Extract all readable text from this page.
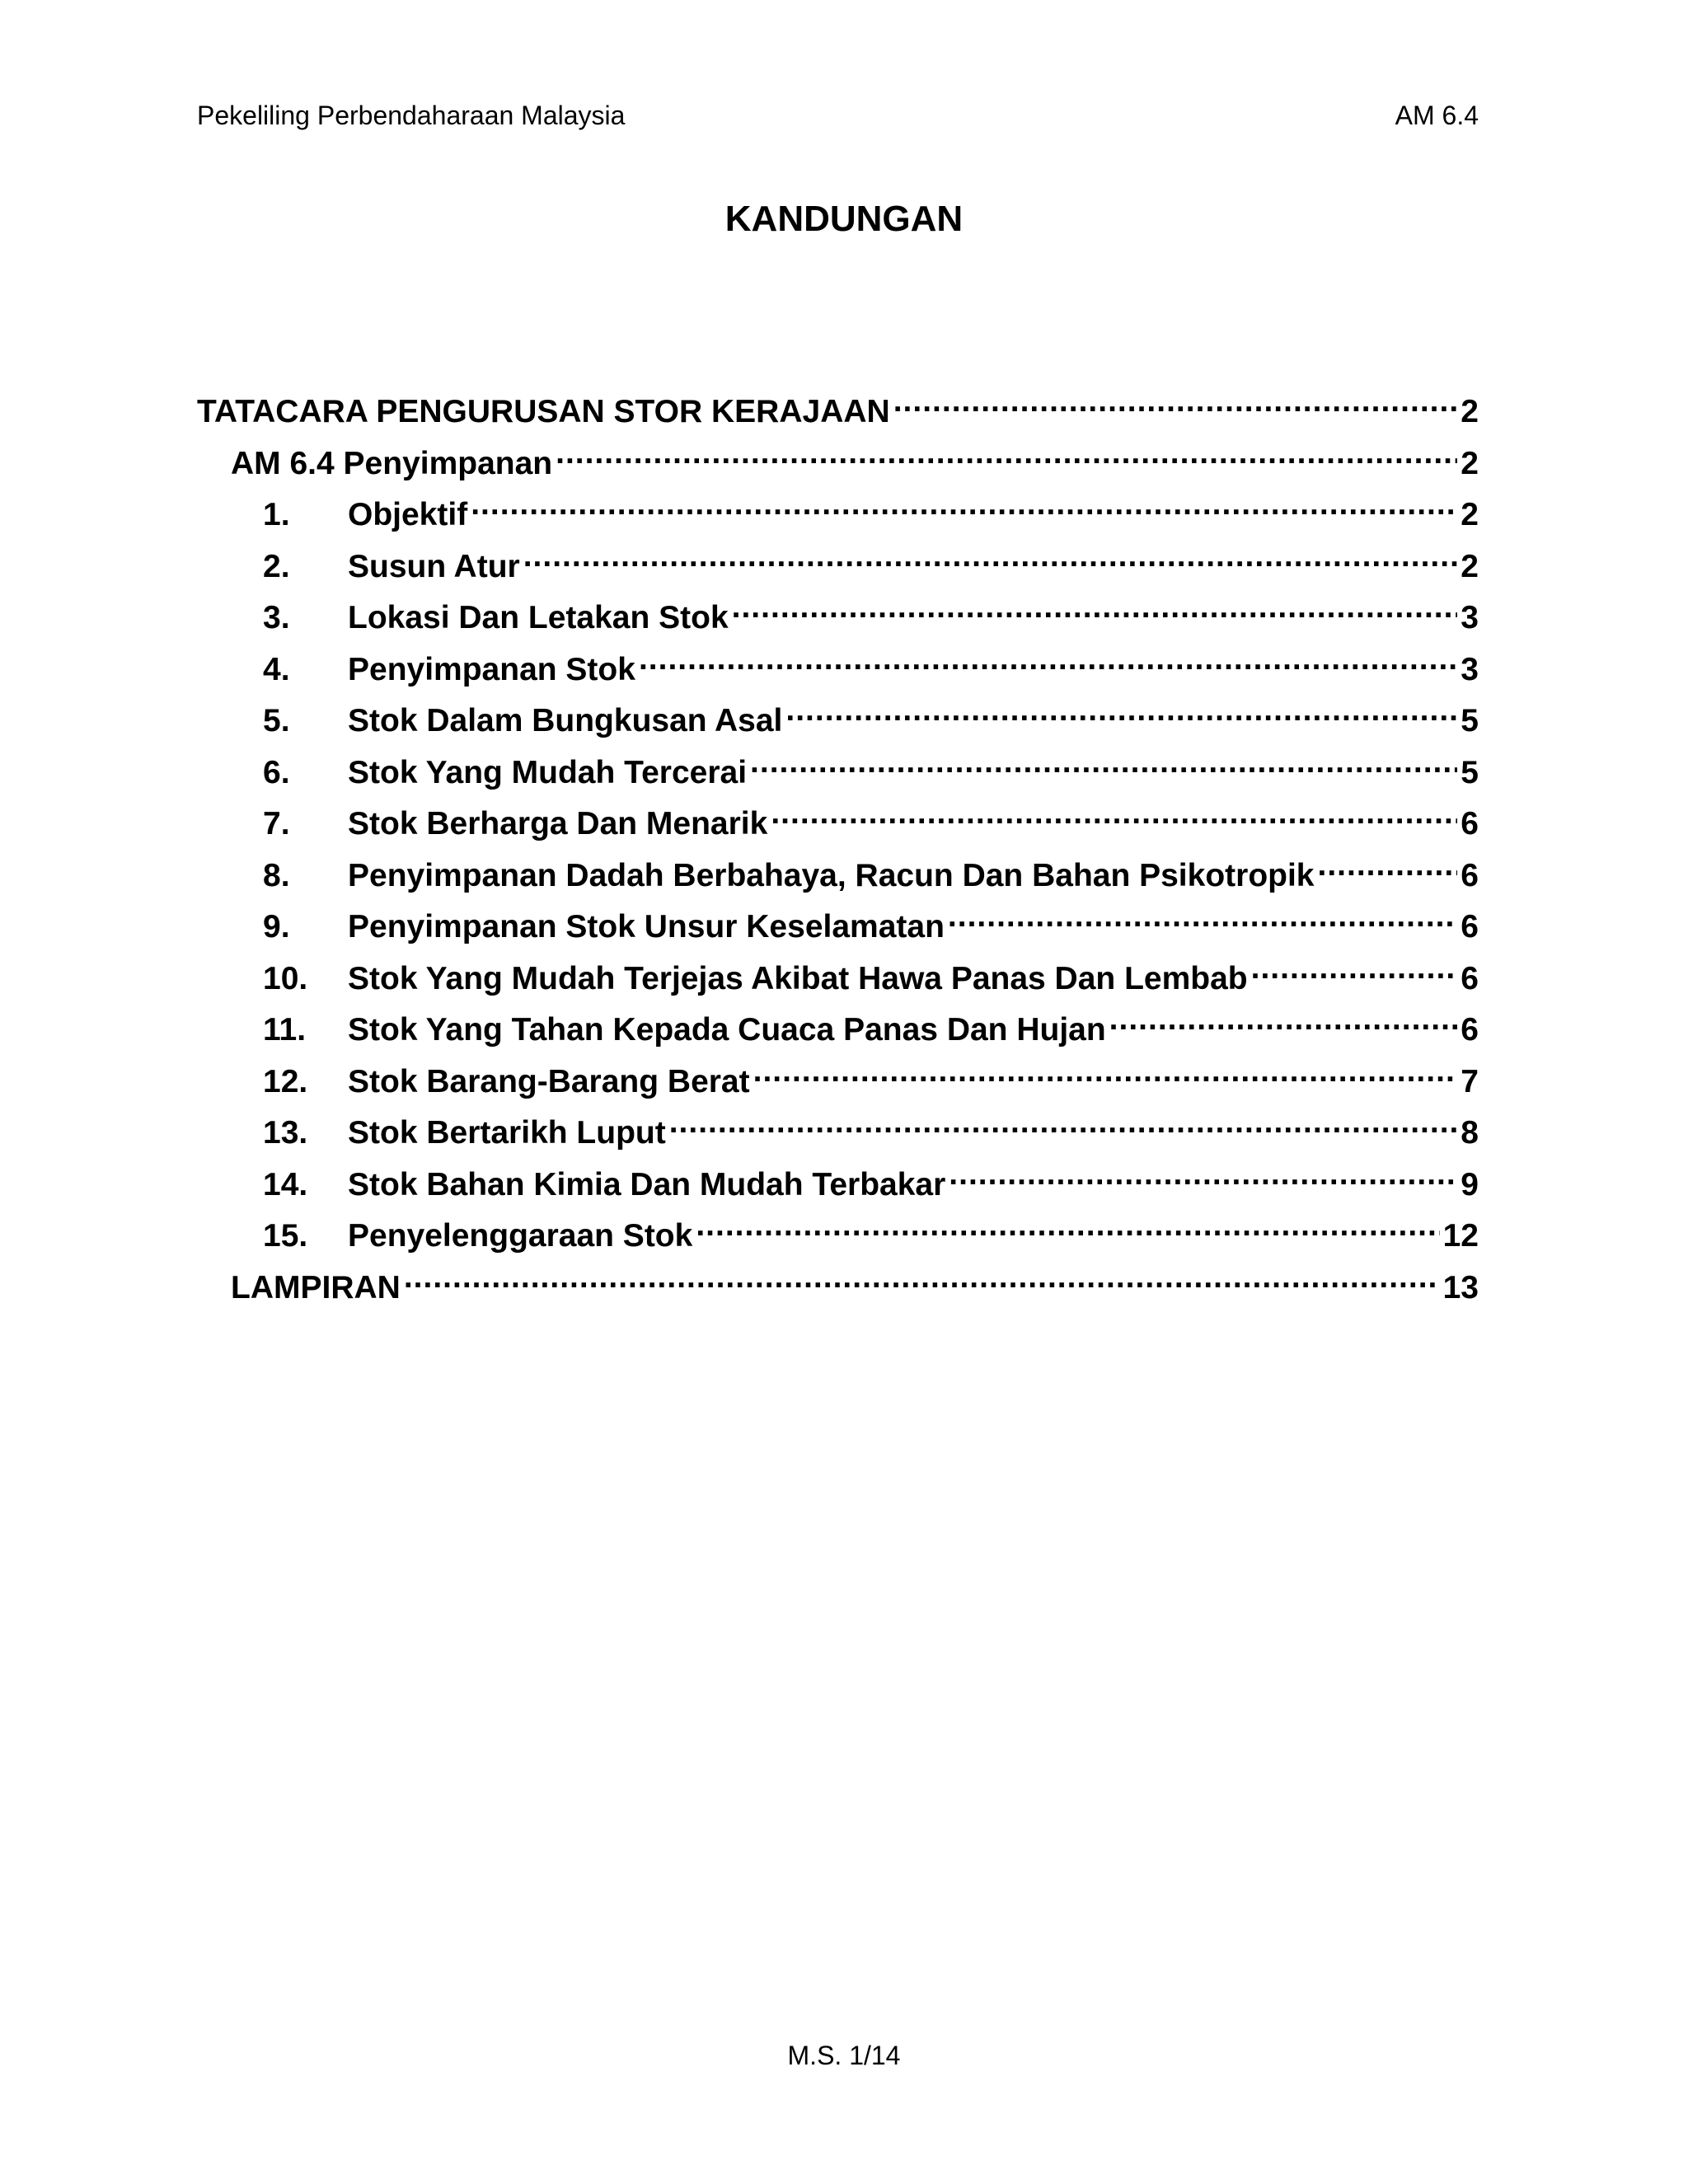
Pekeliling Perbendaharaan Malaysia	AM 6.4
KANDUNGAN
TATACARA PENGURUSAN STOR KERAJAAN .....	2
AM 6.4 Penyimpanan .....	2
1.	Objektif .....	2
2.	Susun Atur .....	2
3.	Lokasi Dan Letakan Stok .....	3
4.	Penyimpanan Stok .....	3
5.	Stok Dalam Bungkusan Asal .....	5
6.	Stok Yang Mudah Tercerai .....	5
7.	Stok Berharga Dan Menarik .....	6
8.	Penyimpanan Dadah Berbahaya, Racun Dan Bahan Psikotropik .....	6
9.	Penyimpanan Stok Unsur Keselamatan .....	6
10.	Stok Yang Mudah Terjejas Akibat Hawa Panas Dan Lembab .....	6
11.	Stok Yang Tahan Kepada Cuaca Panas Dan Hujan .....	6
12.	Stok Barang-Barang Berat .....	7
13.	Stok Bertarikh Luput .....	8
14.	Stok Bahan Kimia Dan Mudah Terbakar .....	9
15.	Penyelenggaraan Stok .....	12
LAMPIRAN .....	13
M.S. 1/14
